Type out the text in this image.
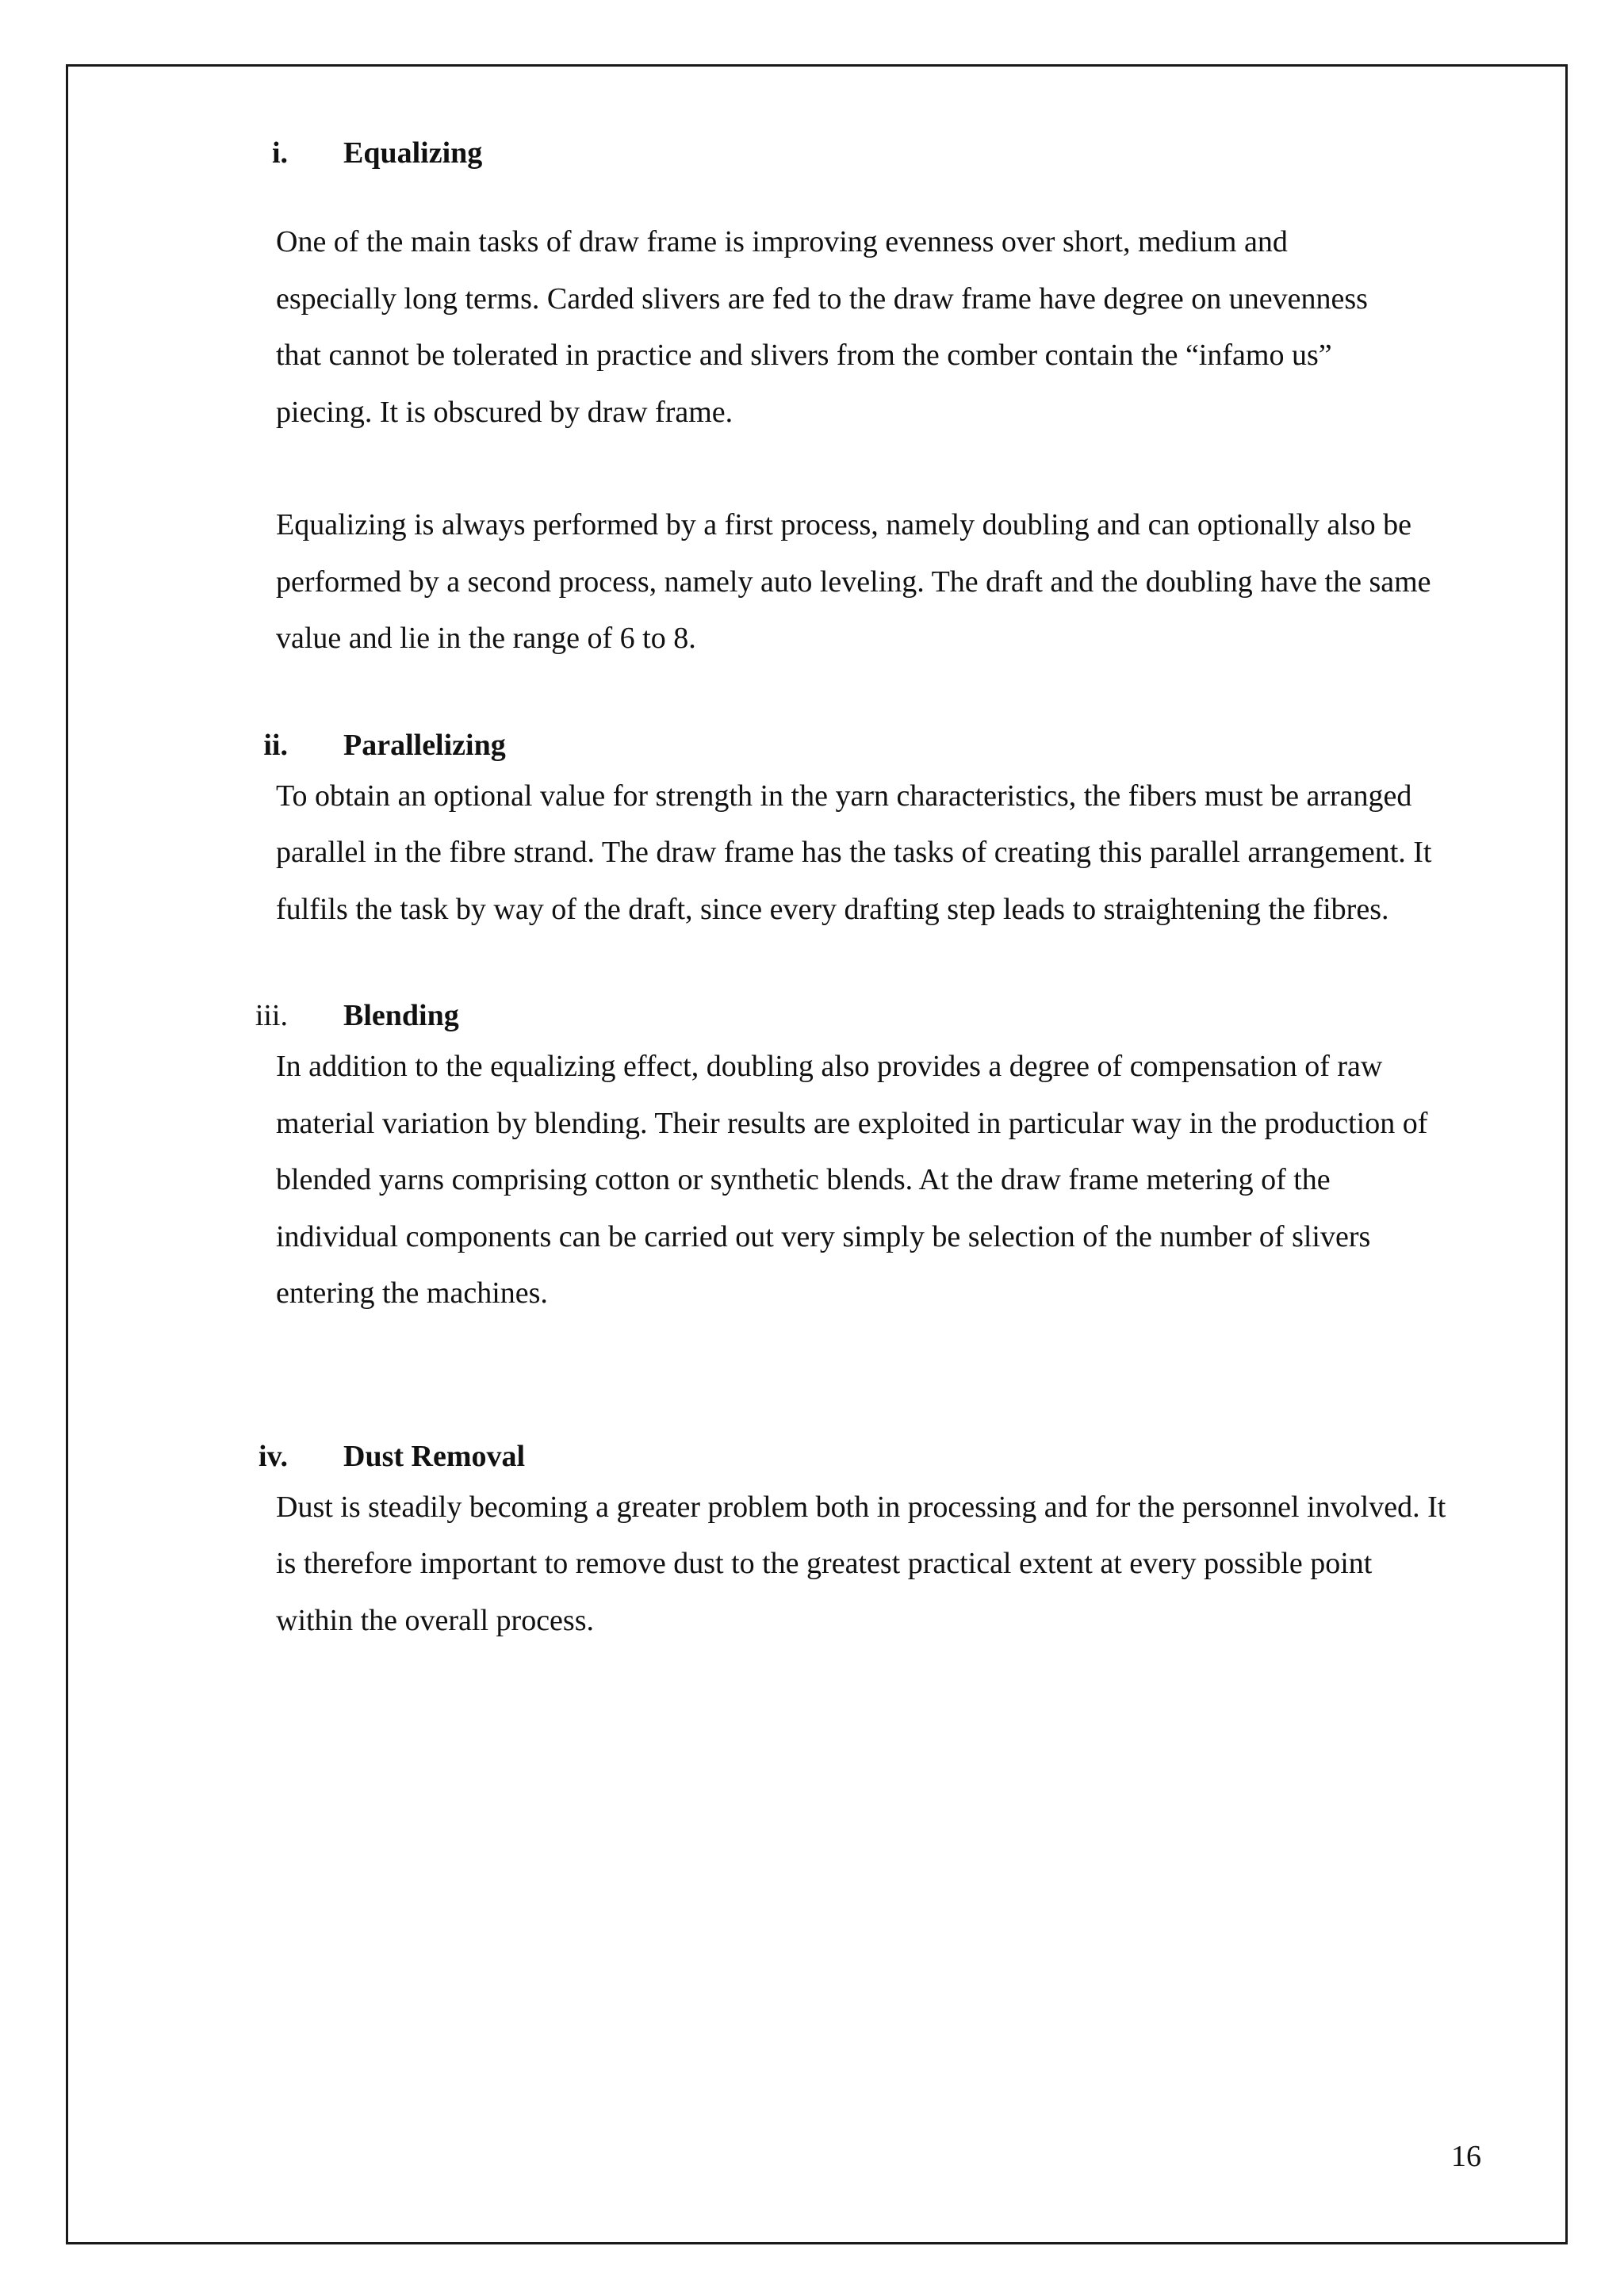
i.	Equalizing

One of the main tasks of draw frame is improving evenness over short, medium and especially long terms. Carded slivers are fed to the draw frame have degree on unevenness that cannot be tolerated in practice and slivers from the comber contain the “infamo us” piecing. It is obscured by draw frame.

Equalizing is always performed by a first process, namely doubling and can optionally also be performed by a second process, namely auto leveling. The draft and the doubling have the same value and lie in the range of 6 to 8.

ii.	Parallelizing

To obtain an optional value for strength in the yarn characteristics, the fibers must be arranged parallel in the fibre strand. The draw frame has the tasks of creating this parallel arrangement. It fulfils the task by way of the draft, since every drafting step leads to straightening the fibres.

iii.	Blending

In addition to the equalizing effect, doubling also provides a degree of compensation of raw material variation by blending. Their results are exploited in particular way in the production of blended yarns comprising cotton or synthetic blends. At the draw frame metering of the individual components can be carried out very simply be selection of the number of slivers entering the machines.

iv.	Dust Removal

Dust is steadily becoming a greater problem both in processing and for the personnel involved. It is therefore important to remove dust to the greatest practical extent at every possible point within the overall process.

16
